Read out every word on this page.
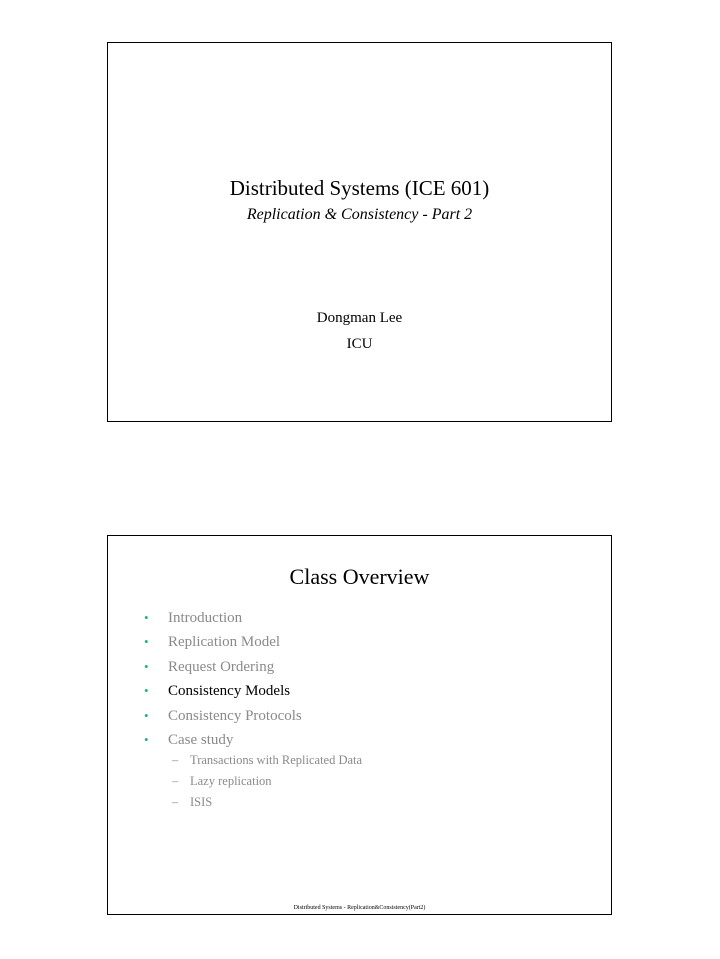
Distributed Systems (ICE 601)
Replication & Consistency - Part 2
Dongman Lee
ICU
Class Overview
• Introduction
• Replication Model
• Request Ordering
• Consistency Models
• Consistency Protocols
• Case study
– Transactions with Replicated Data
– Lazy replication
– ISIS
Distributed Systems - Replication&Consistency(Part2)
